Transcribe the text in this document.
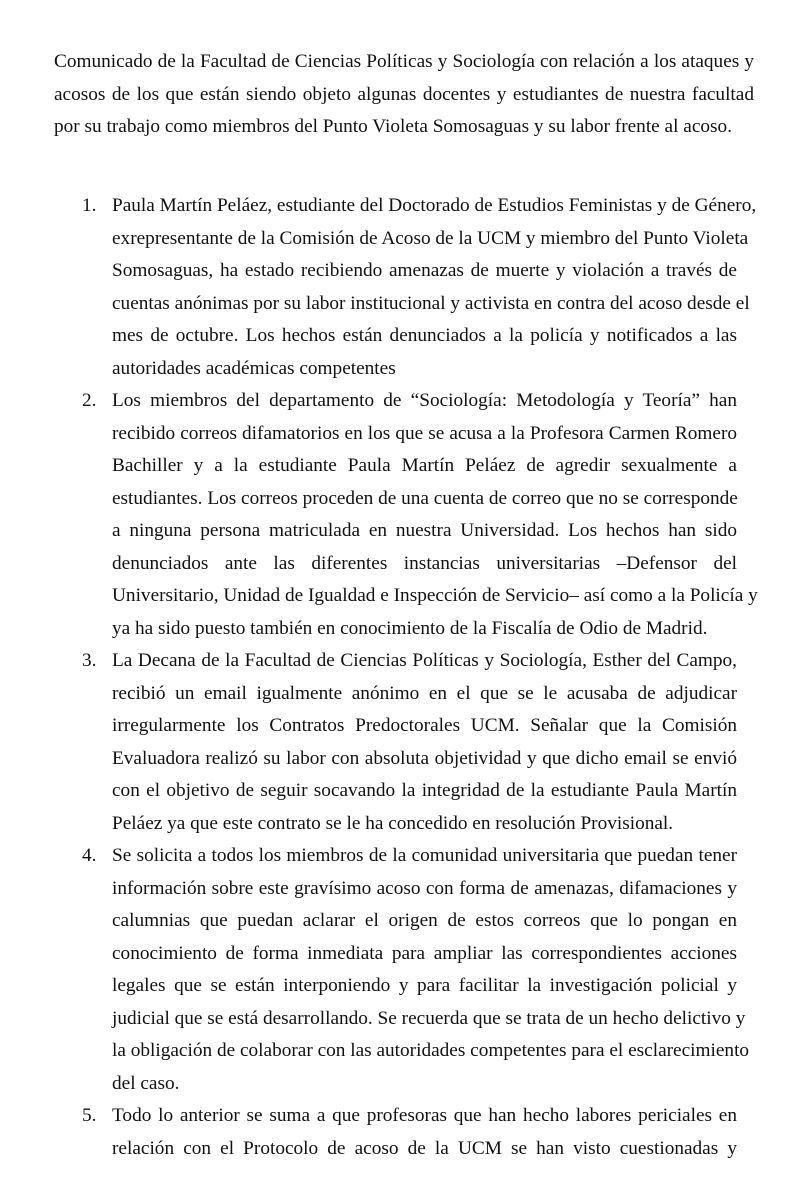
Comunicado de la Facultad de Ciencias Políticas y Sociología con relación a los ataques y
acosos de los que están siendo objeto algunas docentes y estudiantes de nuestra facultad
por su trabajo como miembros del Punto Violeta Somosaguas y su labor frente al acoso.
1. Paula Martín Peláez, estudiante del Doctorado de Estudios Feministas y de Género,
exrepresentante de la Comisión de Acoso de la UCM y miembro del Punto Violeta
Somosaguas, ha estado recibiendo amenazas de muerte y violación a través de
cuentas anónimas por su labor institucional y activista en contra del acoso desde el
mes de octubre. Los hechos están denunciados a la policía y notificados a las
autoridades académicas competentes
2. Los miembros del departamento de “Sociología: Metodología y Teoría” han
recibido correos difamatorios en los que se acusa a la Profesora Carmen Romero
Bachiller y a la estudiante Paula Martín Peláez de agredir sexualmente a
estudiantes. Los correos proceden de una cuenta de correo que no se corresponde
a ninguna persona matriculada en nuestra Universidad. Los hechos han sido
denunciados ante las diferentes instancias universitarias –Defensor del
Universitario, Unidad de Igualdad e Inspección de Servicio– así como a la Policía y
ya ha sido puesto también en conocimiento de la Fiscalía de Odio de Madrid.
3. La Decana de la Facultad de Ciencias Políticas y Sociología, Esther del Campo,
recibió un email igualmente anónimo en el que se le acusaba de adjudicar
irregularmente los Contratos Predoctorales UCM. Señalar que la Comisión
Evaluadora realizó su labor con absoluta objetividad y que dicho email se envió
con el objetivo de seguir socavando la integridad de la estudiante Paula Martín
Peláez ya que este contrato se le ha concedido en resolución Provisional.
4. Se solicita a todos los miembros de la comunidad universitaria que puedan tener
información sobre este gravísimo acoso con forma de amenazas, difamaciones y
calumnias que puedan aclarar el origen de estos correos que lo pongan en
conocimiento de forma inmediata para ampliar las correspondientes acciones
legales que se están interponiendo y para facilitar la investigación policial y
judicial que se está desarrollando. Se recuerda que se trata de un hecho delictivo y
la obligación de colaborar con las autoridades competentes para el esclarecimiento
del caso.
5. Todo lo anterior se suma a que profesoras que han hecho labores periciales en
relación con el Protocolo de acoso de la UCM se han visto cuestionadas y
